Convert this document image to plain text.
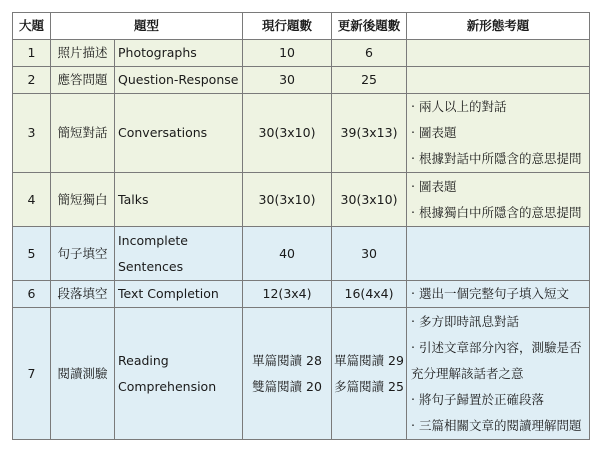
大題	題型		現行題數	更新後題數	新形態考題
1	照片描述	Photographs	10	6	

2	應答問題	Question-Response	30	25	

3	簡短對話	Conversations	30(3x10)	39(3x13)	‧ 兩人以上的對話
‧ 圖表題
‧ 根據對話中所隱含的意思提問

4	簡短獨白	Talks	30(3x10)	30(3x10)	‧ 圖表題
‧ 根據獨白中所隱含的意思提問

5	句子填空	Incomplete
Sentences	40	30	

6	段落填空	Text Completion	12(3x4)	16(4x4)	‧ 選出一個完整句子填入短文

7	閱讀測驗	Reading
Comprehension	單篇閱讀 28
雙篇閱讀 20	單篇閱讀 29
多篇閱讀 25	‧ 多方即時訊息對話
‧ 引述文章部分內容，測驗是否
充分理解該話者之意
‧ 將句子歸置於正確段落
‧ 三篇相關文章的閱讀理解問題
